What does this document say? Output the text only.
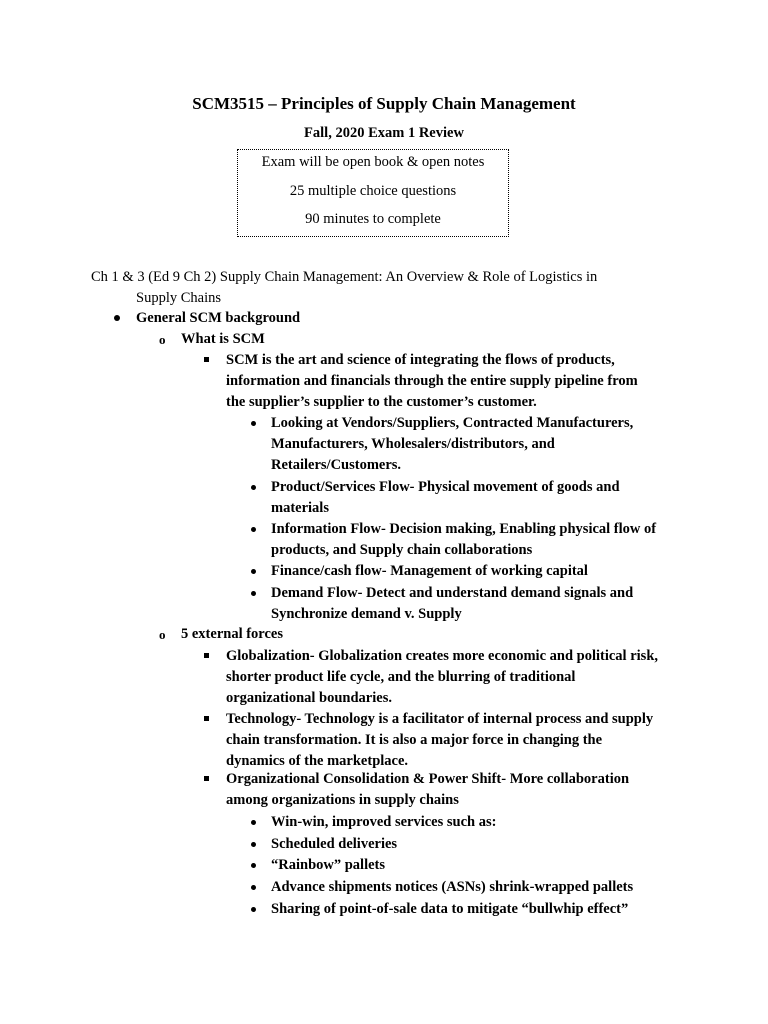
SCM3515 – Principles of Supply Chain Management
Fall, 2020 Exam 1 Review
Exam will be open book & open notes
25 multiple choice questions
90 minutes to complete
Ch 1 & 3 (Ed 9 Ch 2) Supply Chain Management: An Overview & Role of Logistics in
Supply Chains
General SCM background
o What is SCM
SCM is the art and science of integrating the flows of products,
information and financials through the entire supply pipeline from
the supplier’s supplier to the customer’s customer.
Looking at Vendors/Suppliers, Contracted Manufacturers,
Manufacturers, Wholesalers/distributors, and
Retailers/Customers.
Product/Services Flow- Physical movement of goods and
materials
Information Flow- Decision making, Enabling physical flow of
products, and Supply chain collaborations
Finance/cash flow- Management of working capital
Demand Flow- Detect and understand demand signals and
Synchronize demand v. Supply
o 5 external forces
Globalization- Globalization creates more economic and political risk,
shorter product life cycle, and the blurring of traditional
organizational boundaries.
Technology- Technology is a facilitator of internal process and supply
chain transformation. It is also a major force in changing the
dynamics of the marketplace.
Organizational Consolidation & Power Shift- More collaboration
among organizations in supply chains
Win-win, improved services such as:
Scheduled deliveries
“Rainbow” pallets
Advance shipments notices (ASNs) shrink-wrapped pallets
Sharing of point-of-sale data to mitigate “bullwhip effect”
